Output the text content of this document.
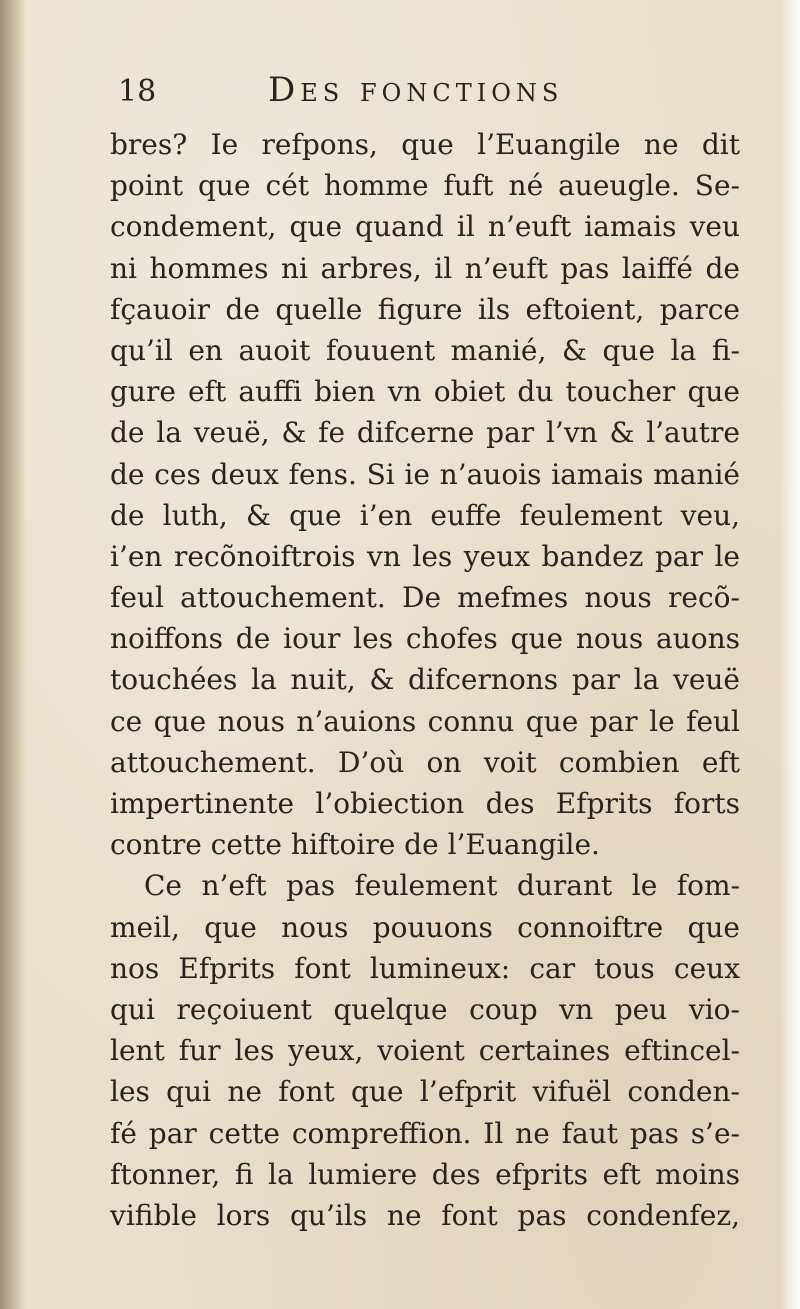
18	Des fonctions
bres? Ie refpons, que l’Euangile ne dit
point que cét homme fuft né aueugle. Se-
condement, que quand il n’euft iamais veu
ni hommes ni arbres, il n’euft pas laiffé de
fçauoir de quelle figure ils eftoient, parce
qu’il en auoit fouuent manié, & que la fi-
gure eft auffi bien vn obiet du toucher que
de la veuë, & fe difcerne par l’vn & l’autre
de ces deux fens. Si ie n’auois iamais manié
de luth, & que i’en euffe feulement veu,
i’en recõnoiftrois vn les yeux bandez par le
feul attouchement. De mefmes nous recõ-
noiffons de iour les chofes que nous auons
touchées la nuit, & difcernons par la veuë
ce que nous n’auions connu que par le feul
attouchement. D’où on voit combien eft
impertinente l’obiection des Efprits forts
contre cette hiftoire de l’Euangile.
Ce n’eft pas feulement durant le fom-
meil, que nous pouuons connoiftre que
nos Efprits font lumineux: car tous ceux
qui reçoiuent quelque coup vn peu vio-
lent fur les yeux, voient certaines eftincel-
les qui ne font que l’efprit vifuël conden-
fé par cette compreffion. Il ne faut pas s’e-
ftonner, fi la lumiere des efprits eft moins
vifible lors qu’ils ne font pas condenfez,
